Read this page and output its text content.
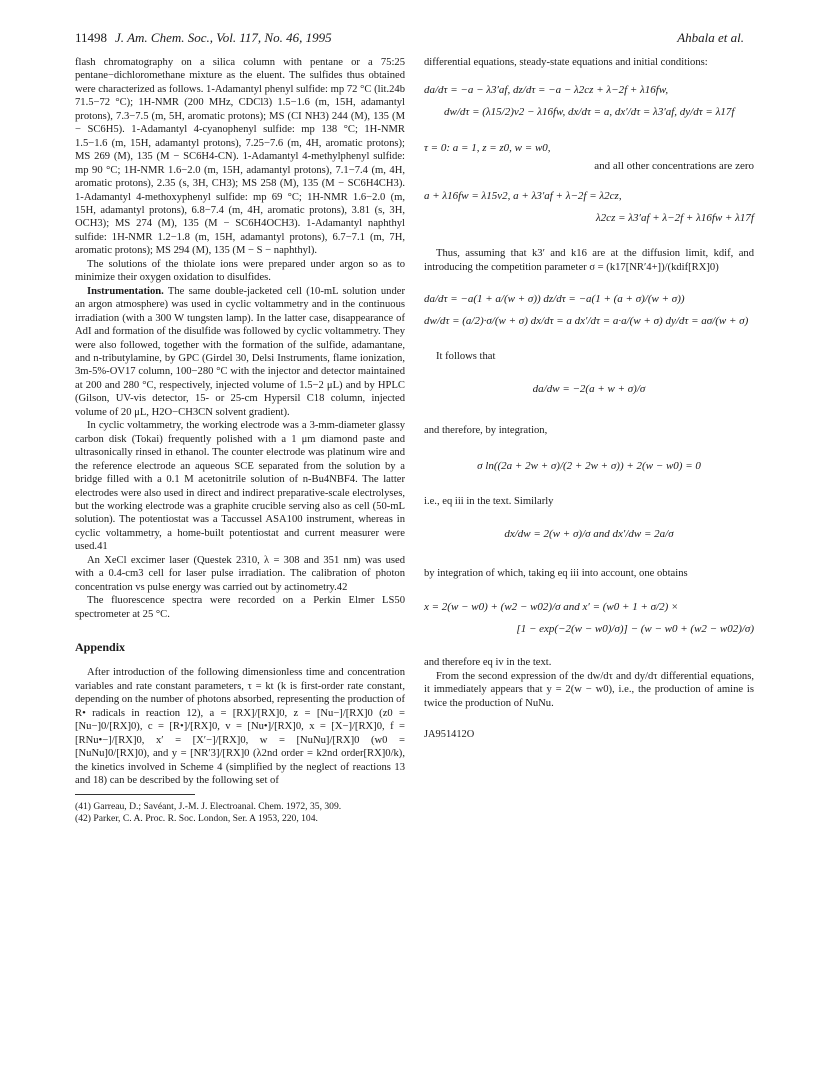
11498 J. Am. Chem. Soc., Vol. 117, No. 46, 1995	Ahbala et al.

flash chromatography on a silica column with pentane or a 75:25 pentane−dichloromethane mixture as the eluent. The sulfides thus obtained were characterized as follows. 1-Adamantyl phenyl sulfide: mp 72 °C (lit.24b 71.5−72 °C); 1H-NMR (200 MHz, CDCl3) 1.5−1.6 (m, 15H, adamantyl protons), 7.3−7.5 (m, 5H, aromatic protons); MS (CI NH3) 244 (M), 135 (M − SC6H5). 1-Adamantyl 4-cyanophenyl sulfide: mp 138 °C; 1H-NMR 1.5−1.6 (m, 15H, adamantyl protons), 7.25−7.6 (m, 4H, aromatic protons); MS 269 (M), 135 (M − SC6H4-CN). 1-Adamantyl 4-methylphenyl sulfide: mp 90 °C; 1H-NMR 1.6−2.0 (m, 15H, adamantyl protons), 7.1−7.4 (m, 4H, aromatic protons), 2.35 (s, 3H, CH3); MS 258 (M), 135 (M − SC6H4CH3). 1-Adamantyl 4-methoxyphenyl sulfide: mp 69 °C; 1H-NMR 1.6−2.0 (m, 15H, adamantyl protons), 6.8−7.4 (m, 4H, aromatic protons), 3.81 (s, 3H, OCH3); MS 274 (M), 135 (M − SC6H4OCH3). 1-Adamantyl naphthyl sulfide: 1H-NMR 1.2−1.8 (m, 15H, adamantyl protons), 6.7−7.1 (m, 7H, aromatic protons); MS 294 (M), 135 (M − S − naphthyl).

The solutions of the thiolate ions were prepared under argon so as to minimize their oxygen oxidation to disulfides.

Instrumentation. The same double-jacketed cell (10-mL solution under an argon atmosphere) was used in cyclic voltammetry and in the continuous irradiation (with a 300 W tungsten lamp). In the latter case, disappearance of AdI and formation of the disulfide was followed by cyclic voltammetry. They were also followed, together with the formation of the sulfide, adamantane, and n-tributylamine, by GPC (Girdel 30, Delsi Instruments, flame ionization, 3m-5%-OV17 column, 100−280 °C with the injector and detector maintained at 200 and 280 °C, respectively, injected volume of 1.5−2 μL) and by HPLC (Gilson, UV-vis detector, 15- or 25-cm Hypersil C18 column, injected volume of 20 μL, H2O−CH3CN solvent gradient).

In cyclic voltammetry, the working electrode was a 3-mm-diameter glassy carbon disk (Tokai) frequently polished with a 1 μm diamond paste and ultrasonically rinsed in ethanol. The counter electrode was platinum wire and the reference electrode an aqueous SCE separated from the solution by a bridge filled with a 0.1 M acetonitrile solution of n-Bu4NBF4. The latter electrodes were also used in direct and indirect preparative-scale electrolyses, but the working electrode was a graphite crucible serving also as cell (50-mL solution). The potentiostat was a Taccussel ASA100 instrument, whereas in cyclic voltammetry, a home-built potentiostat and current measurer were used.41

An XeCl excimer laser (Questek 2310, λ = 308 and 351 nm) was used with a 0.4-cm3 cell for laser pulse irradiation. The calibration of photon concentration vs pulse energy was carried out by actinometry.42

The fluorescence spectra were recorded on a Perkin Elmer LS50 spectrometer at 25 °C.

Appendix

After introduction of the following dimensionless time and concentration variables and rate constant parameters, τ = kt (k is first-order rate constant, depending on the number of photons absorbed, representing the production of R• radicals in reaction 12), a = [RX]/[RX]0, z = [Nu−]/[RX]0 (z0 = [Nu−]0/[RX]0), c = [R•]/[RX]0, v = [Nu•]/[RX]0, x = [X−]/[RX]0, f = [RNu•−]/[RX]0, x′ = [X′−]/[RX]0, w = [NuNu]/[RX]0 (w0 = [NuNu]0/[RX]0), and y = [NR′3]/[RX]0 (λ2nd order = k2nd order[RX]0/k), the kinetics involved in Scheme 4 (simplified by the neglect of reactions 13 and 18) can be described by the following set of

(41) Garreau, D.; Savéant, J.-M. J. Electroanal. Chem. 1972, 35, 309.
(42) Parker, C. A. Proc. R. Soc. London, Ser. A 1953, 220, 104.

differential equations, steady-state equations and initial conditions:

da/dτ = −a − λ3′af, dz/dτ = −a − λ2cz + λ−2f + λ16fw,
dw/dτ = (λ15/2)v2 − λ16fw, dx/dτ = a, dx′/dτ = λ3′af, dy/dτ = λ17f
τ = 0: a = 1, z = z0, w = w0,
and all other concentrations are zero
a + λ16fw = λ15v2, a + λ3′af + λ−2f = λ2cz,
λ2cz = λ3′af + λ−2f + λ16fw + λ17f

Thus, assuming that k3′ and k16 are at the diffusion limit, kdif, and introducing the competition parameter σ = (k17[NR′4+])/(kdif[RX]0)

da/dτ = −a(1 + a/(w + σ)) dz/dτ = −a(1 + (a + σ)/(w + σ))
dw/dτ = (a/2)·σ/(w + σ) dx/dτ = a dx′/dτ = a·a/(w + σ) dy/dτ = aσ/(w + σ)

It follows that

da/dw = −2(a + w + σ)/σ

and therefore, by integration,

σ ln((2a + 2w + σ)/(2 + 2w + σ)) + 2(w − w0) = 0

i.e., eq iii in the text. Similarly

dx/dw = 2(w + σ)/σ and dx′/dw = 2a/σ

by integration of which, taking eq iii into account, one obtains

x = 2(w − w0) + (w2 − w02)/σ and x′ = (w0 + 1 + σ/2) ×
[1 − exp(−2(w − w0)/σ)] − (w − w0 + (w2 − w02)/σ)

and therefore eq iv in the text.

From the second expression of the dw/dτ and dy/dτ differential equations, it immediately appears that y = 2(w − w0), i.e., the production of amine is twice the production of NuNu.

JA951412O
